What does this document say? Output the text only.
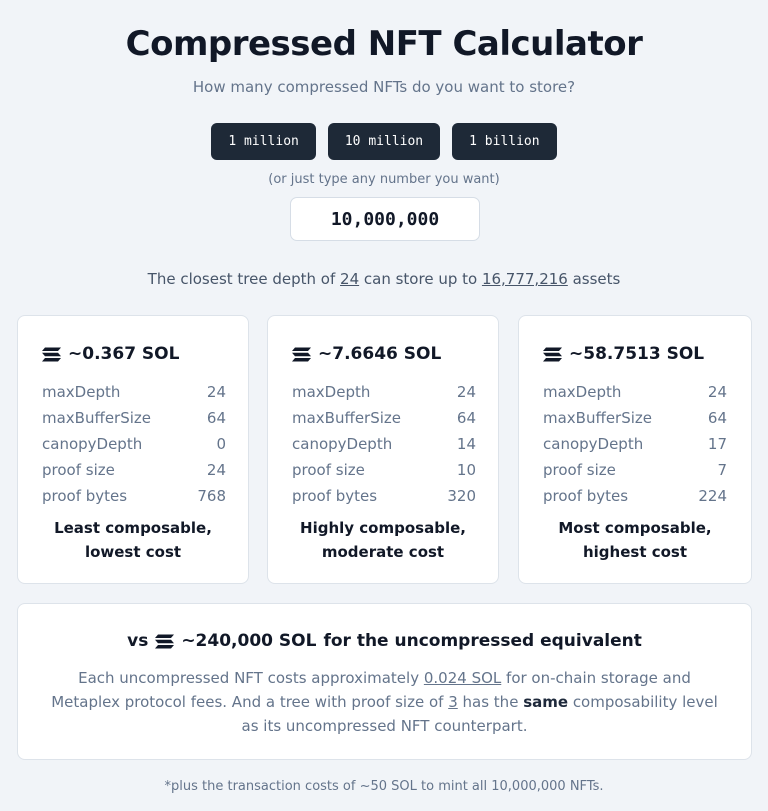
Compressed NFT Calculator
How many compressed NFTs do you want to store?
1 million	10 million	1 billion
(or just type any number you want)
10,000,000
The closest tree depth of 24 can store up to 16,777,216 assets
~0.367 SOL
maxDepth	24
maxBufferSize	64
canopyDepth	0
proof size	24
proof bytes	768
Least composable,
lowest cost
~7.6646 SOL
maxDepth	24
maxBufferSize	64
canopyDepth	14
proof size	10
proof bytes	320
Highly composable,
moderate cost
~58.7513 SOL
maxDepth	24
maxBufferSize	64
canopyDepth	17
proof size	7
proof bytes	224
Most composable,
highest cost
vs ~240,000 SOL for the uncompressed equivalent
Each uncompressed NFT costs approximately 0.024 SOL for on-chain storage and Metaplex protocol fees. And a tree with proof size of 3 has the same composability level as its uncompressed NFT counterpart.
*plus the transaction costs of ~50 SOL to mint all 10,000,000 NFTs.
